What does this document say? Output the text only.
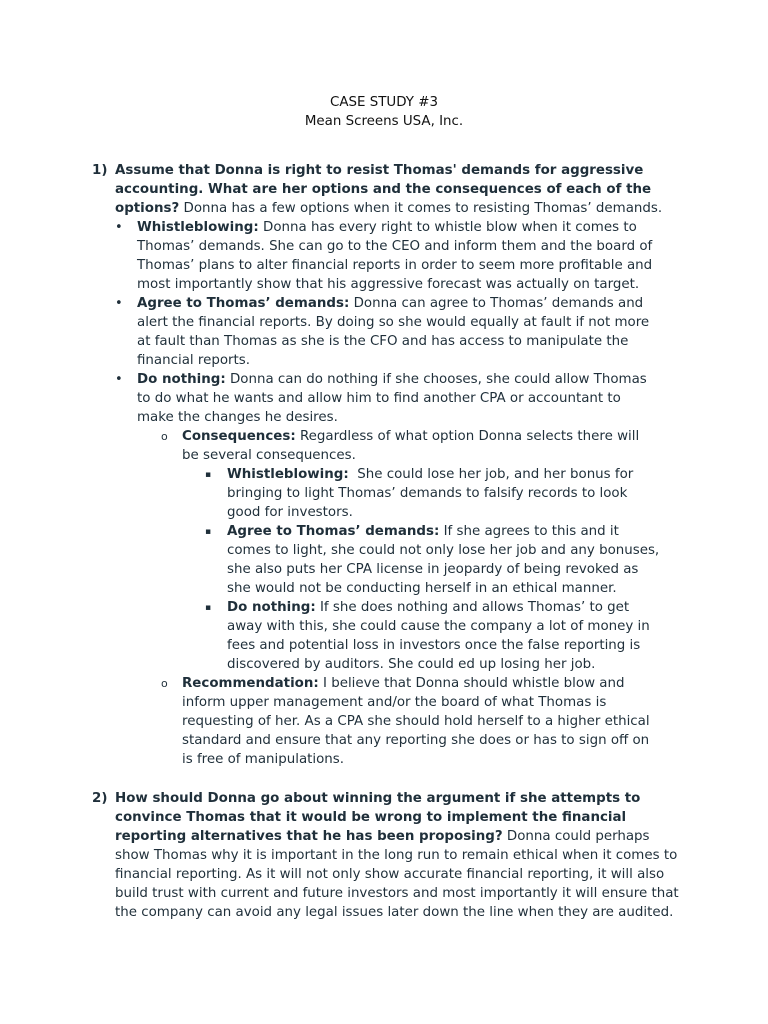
CASE STUDY #3
Mean Screens USA, Inc.
1) Assume that Donna is right to resist Thomas' demands for aggressive accounting. What are her options and the consequences of each of the options? Donna has a few options when it comes to resisting Thomas’ demands.
• Whistleblowing: Donna has every right to whistle blow when it comes to Thomas’ demands. She can go to the CEO and inform them and the board of Thomas’ plans to alter financial reports in order to seem more profitable and most importantly show that his aggressive forecast was actually on target.
• Agree to Thomas’ demands: Donna can agree to Thomas’ demands and alert the financial reports. By doing so she would equally at fault if not more at fault than Thomas as she is the CFO and has access to manipulate the financial reports.
• Do nothing: Donna can do nothing if she chooses, she could allow Thomas to do what he wants and allow him to find another CPA or accountant to make the changes he desires.
o Consequences: Regardless of what option Donna selects there will be several consequences.
▪ Whistleblowing:  She could lose her job, and her bonus for bringing to light Thomas’ demands to falsify records to look good for investors.
▪ Agree to Thomas’ demands: If she agrees to this and it comes to light, she could not only lose her job and any bonuses, she also puts her CPA license in jeopardy of being revoked as she would not be conducting herself in an ethical manner.
▪ Do nothing: If she does nothing and allows Thomas’ to get away with this, she could cause the company a lot of money in fees and potential loss in investors once the false reporting is discovered by auditors. She could ed up losing her job.
o Recommendation: I believe that Donna should whistle blow and inform upper management and/or the board of what Thomas is requesting of her. As a CPA she should hold herself to a higher ethical standard and ensure that any reporting she does or has to sign off on is free of manipulations.
2) How should Donna go about winning the argument if she attempts to convince Thomas that it would be wrong to implement the financial reporting alternatives that he has been proposing? Donna could perhaps show Thomas why it is important in the long run to remain ethical when it comes to financial reporting. As it will not only show accurate financial reporting, it will also build trust with current and future investors and most importantly it will ensure that the company can avoid any legal issues later down the line when they are audited.
